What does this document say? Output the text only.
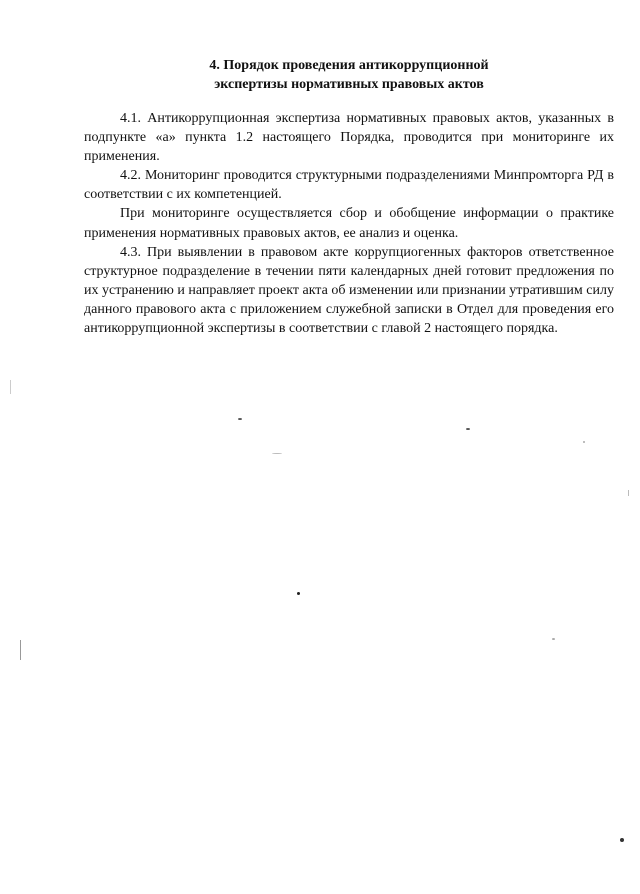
4. Порядок проведения антикоррупционной
экспертизы нормативных правовых актов

4.1. Антикоррупционная экспертиза нормативных правовых актов, указанных в подпункте «а» пункта 1.2 настоящего Порядка, проводится при мониторинге их применения.

4.2. Мониторинг проводится структурными подразделениями Минпромторга РД в соответствии с их компетенцией.

При мониторинге осуществляется сбор и обобщение информации о практике применения нормативных правовых актов, ее анализ и оценка.

4.3. При выявлении в правовом акте коррупциогенных факторов ответственное структурное подразделение в течении пяти календарных дней готовит предложения по их устранению и направляет проект акта об изменении или признании утратившим силу данного правового акта с приложением служебной записки в Отдел для проведения его антикоррупционной экспертизы в соответствии с главой 2 настоящего порядка.
